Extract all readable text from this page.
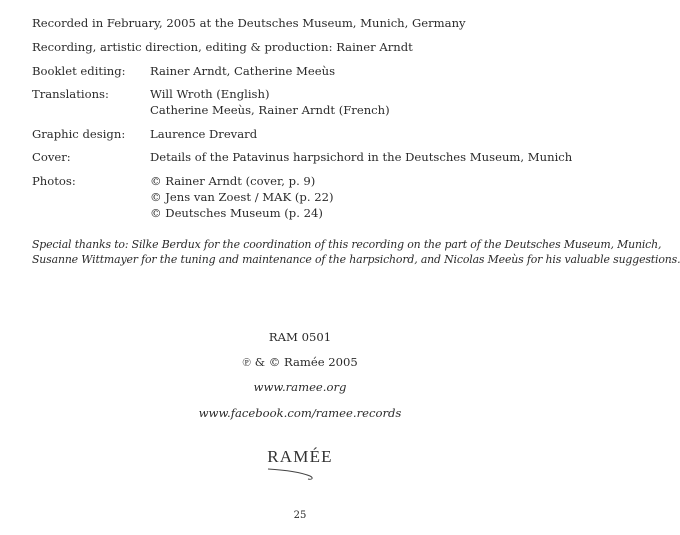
Recorded in February, 2005 at the Deutsches Museum, Munich, Germany
Recording, artistic direction, editing & production: Rainer Arndt
Booklet editing: Rainer Arndt, Catherine Meeùs
Translations:	Will Wroth (English)
Catherine Meeùs, Rainer Arndt (French)
Graphic design: Laurence Drevard
Cover:	Details of the Patavinus harpsichord in the Deutsches Museum, Munich
Photos:	© Rainer Arndt (cover, p. 9)
© Jens van Zoest / MAK (p. 22)
© Deutsches Museum (p. 24)

Special thanks to: Silke Berdux for the coordination of this recording on the part of the Deutsches Museum, Munich,

Susanne Wittmayer for the tuning and maintenance of the harpsichord, and Nicolas Meeùs for his valuable suggestions.

RAM 0501
℗ & © Ramée 2005
www.ramee.org
www.facebook.com/ramee.records
RAMÉE
25
